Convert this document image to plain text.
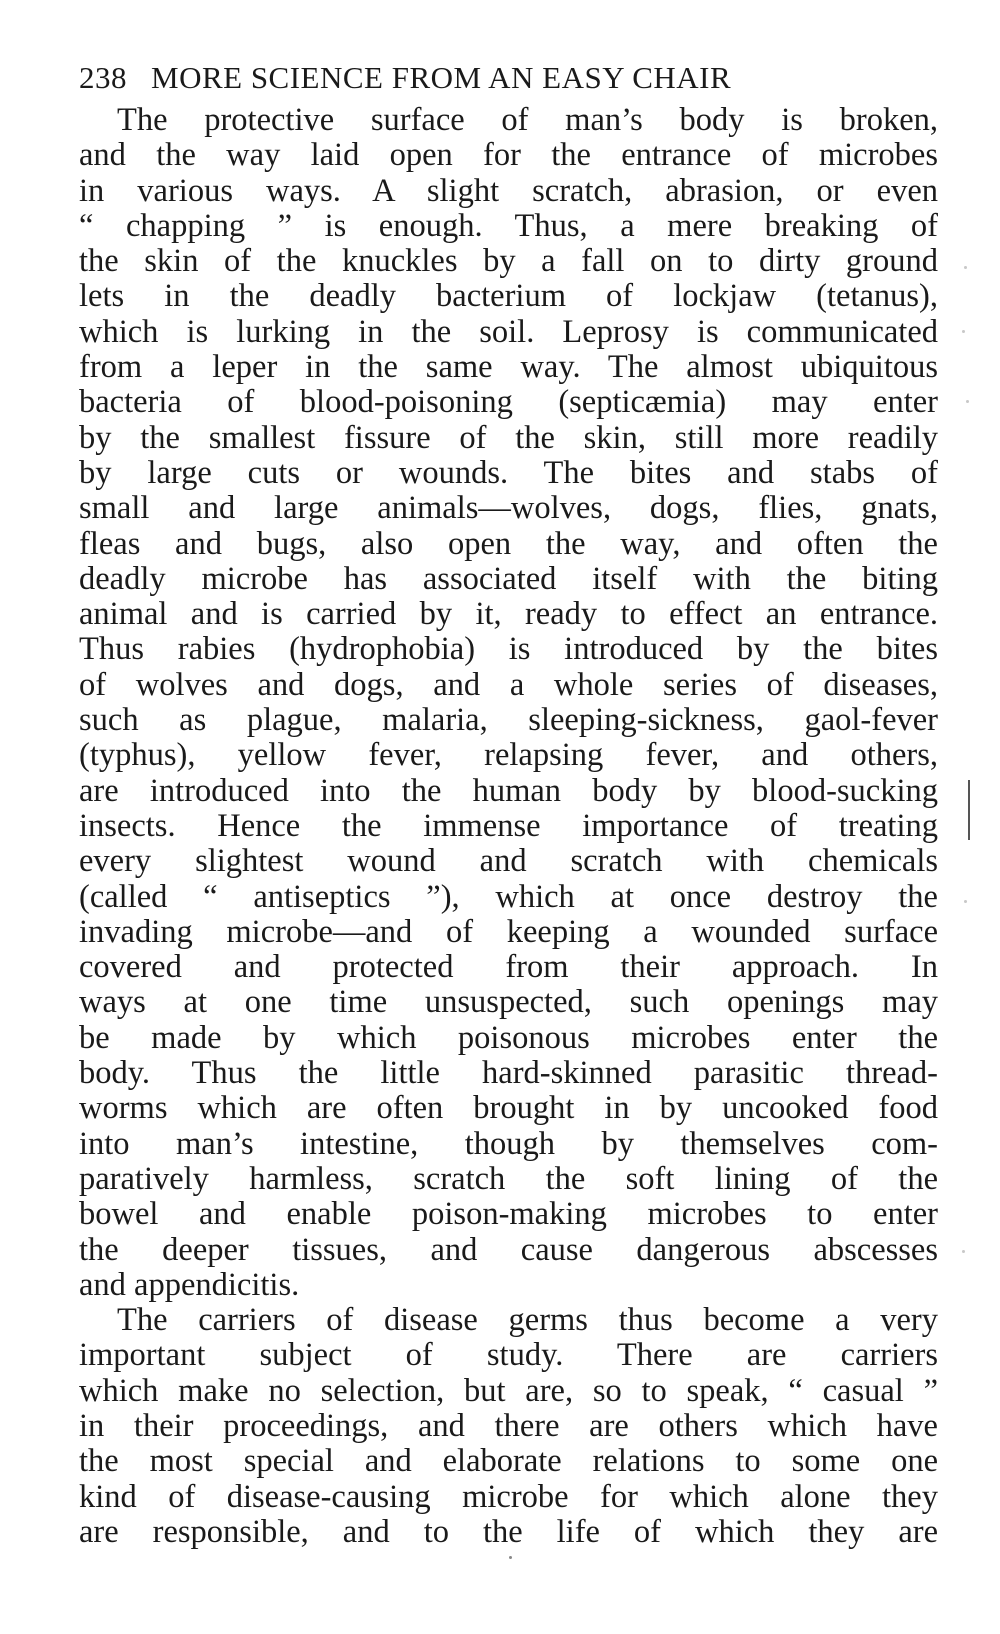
238 MORE SCIENCE FROM AN EASY CHAIR
The protective surface of man’s body is broken,
and the way laid open for the entrance of microbes
in various ways. A slight scratch, abrasion, or even
“ chapping ” is enough. Thus, a mere breaking of
the skin of the knuckles by a fall on to dirty ground
lets in the deadly bacterium of lockjaw (tetanus),
which is lurking in the soil. Leprosy is communicated
from a leper in the same way. The almost ubiquitous
bacteria of blood-poisoning (septicæmia) may enter
by the smallest fissure of the skin, still more readily
by large cuts or wounds. The bites and stabs of
small and large animals—wolves, dogs, flies, gnats,
fleas and bugs, also open the way, and often the
deadly microbe has associated itself with the biting
animal and is carried by it, ready to effect an entrance.
Thus rabies (hydrophobia) is introduced by the bites
of wolves and dogs, and a whole series of diseases,
such as plague, malaria, sleeping-sickness, gaol-fever
(typhus), yellow fever, relapsing fever, and others,
are introduced into the human body by blood-sucking
insects. Hence the immense importance of treating
every slightest wound and scratch with chemicals
(called “ antiseptics ”), which at once destroy the
invading microbe—and of keeping a wounded surface
covered and protected from their approach. In
ways at one time unsuspected, such openings may
be made by which poisonous microbes enter the
body. Thus the little hard-skinned parasitic thread-
worms which are often brought in by uncooked food
into man’s intestine, though by themselves com-
paratively harmless, scratch the soft lining of the
bowel and enable poison-making microbes to enter
the deeper tissues, and cause dangerous abscesses
and appendicitis.
The carriers of disease germs thus become a very
important subject of study. There are carriers
which make no selection, but are, so to speak, “ casual ”
in their proceedings, and there are others which have
the most special and elaborate relations to some one
kind of disease-causing microbe for which alone they
are responsible, and to the life of which they are
